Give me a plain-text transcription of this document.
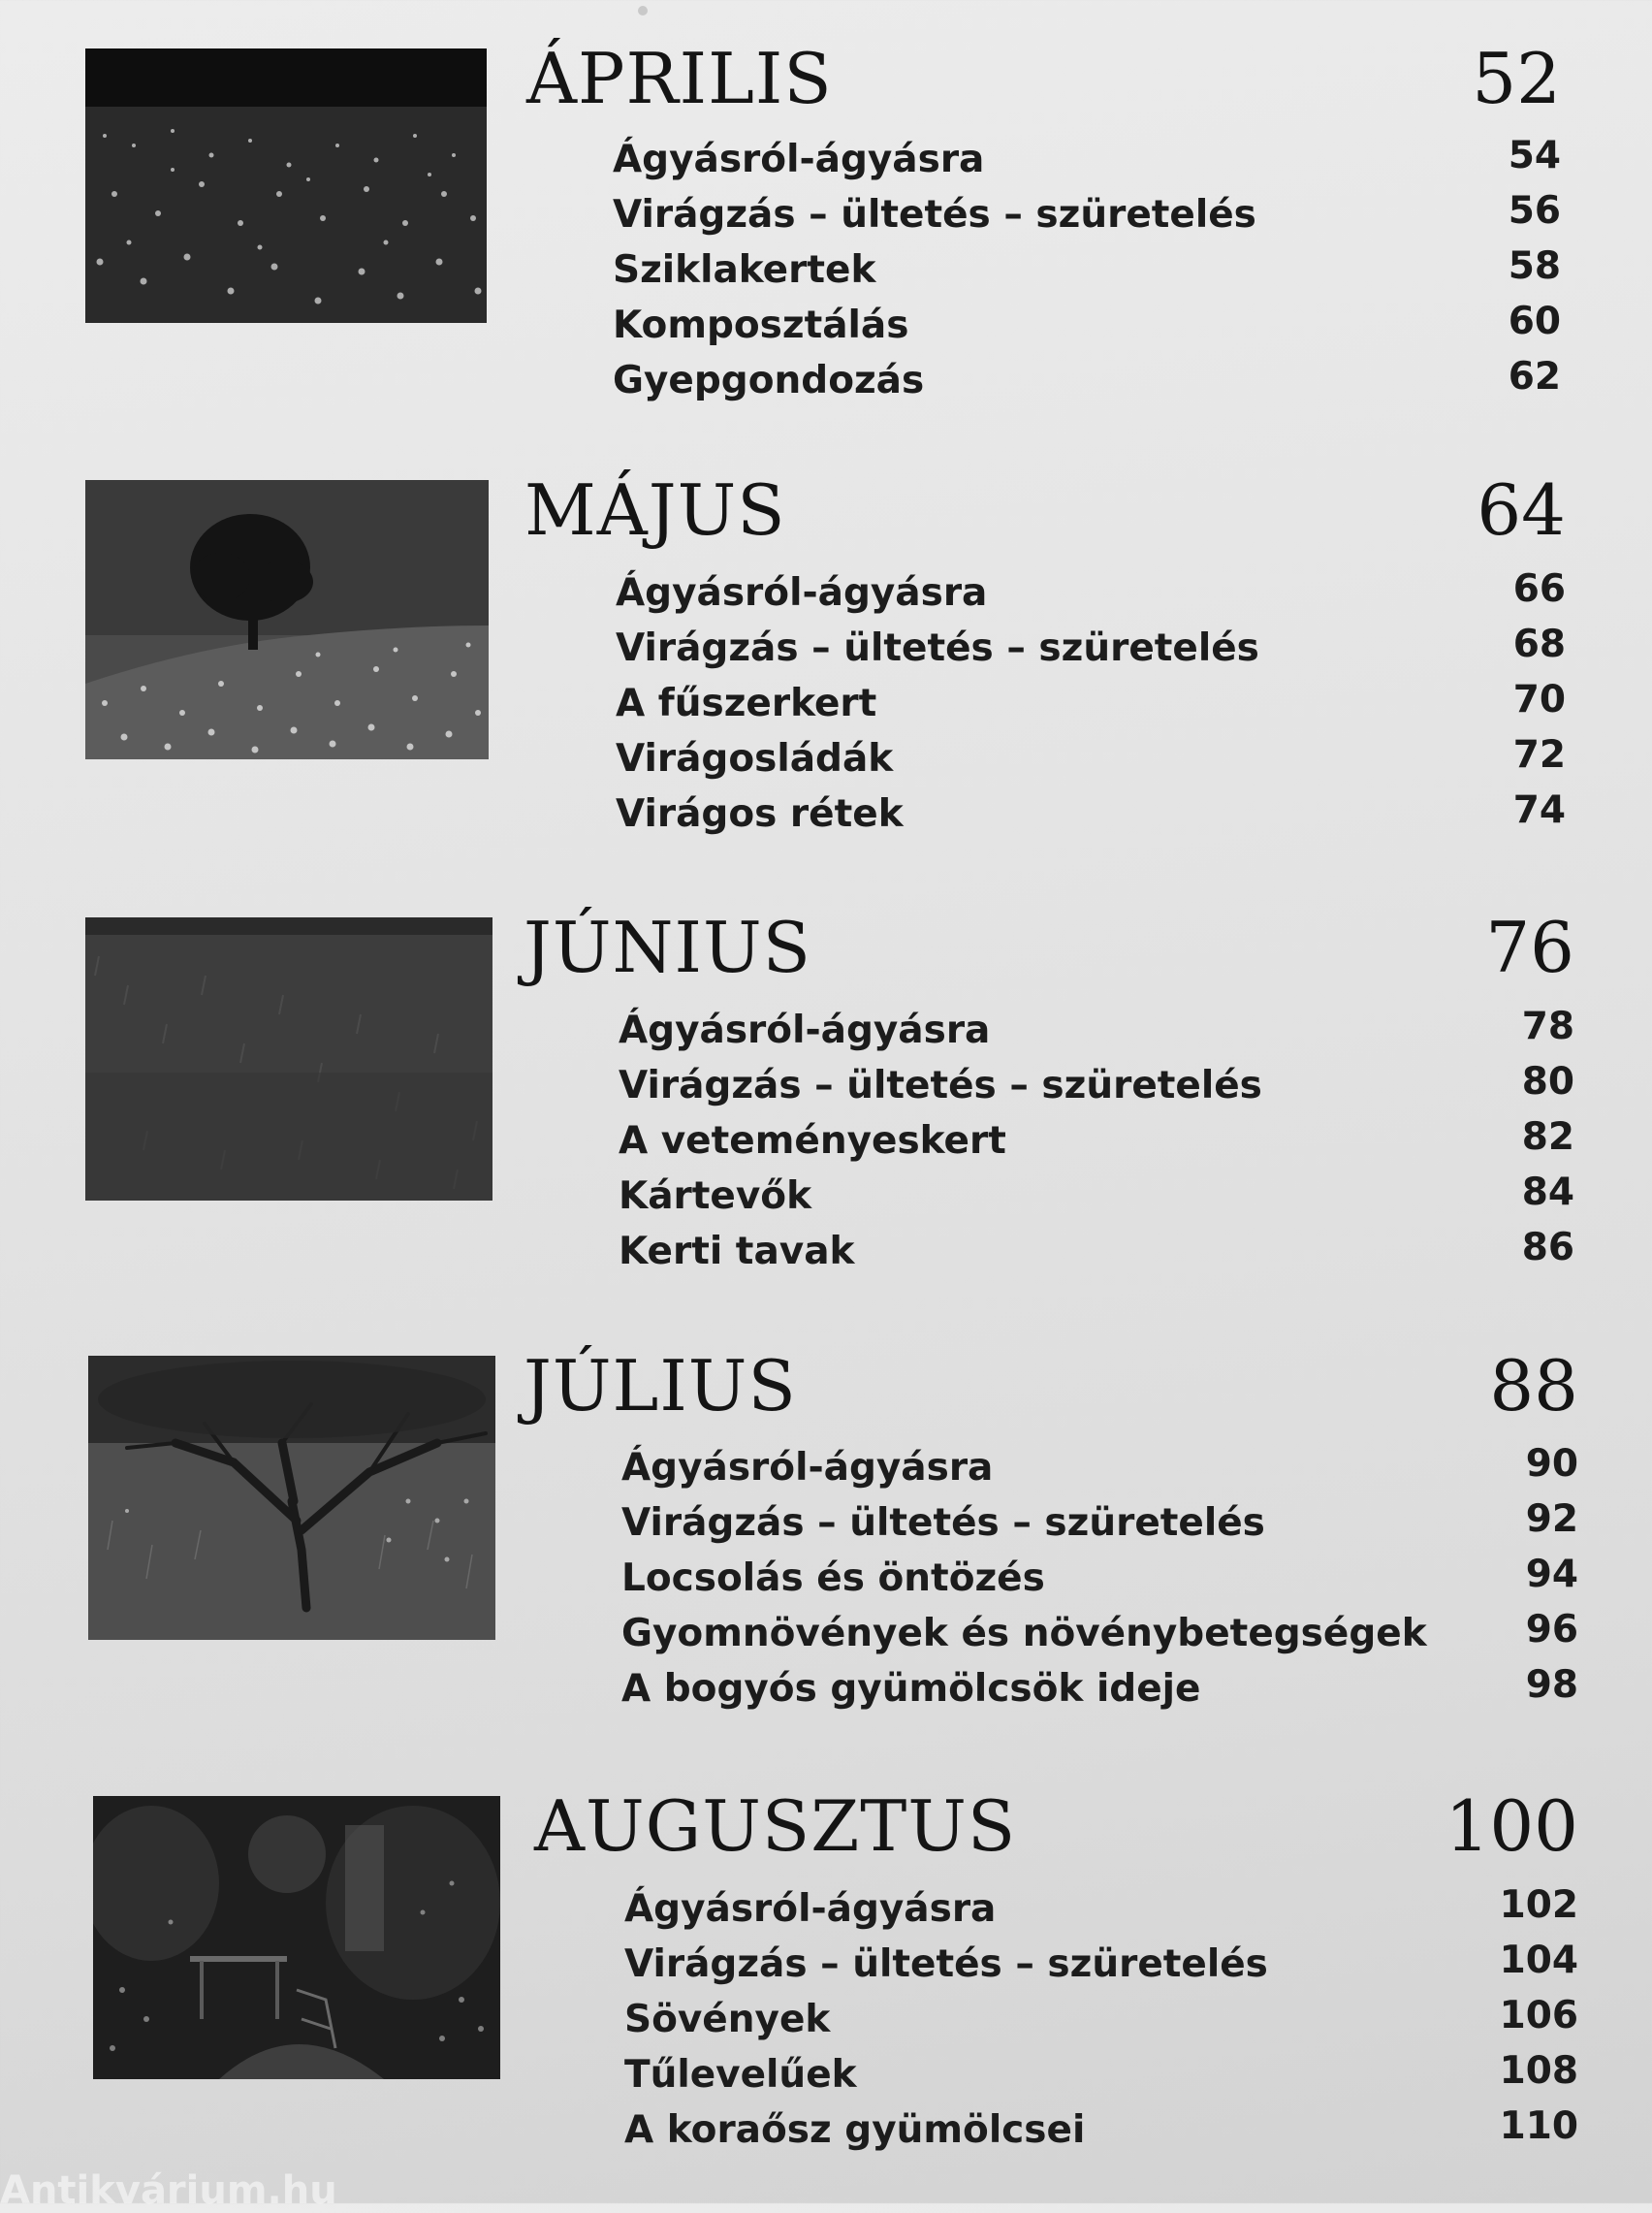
ÁPRILIS	52
Ágyásról-ágyásra	54
Virágzás – ültetés – szüretelés	56
Sziklakertek	58
Komposztálás	60
Gyepgondozás	62
MÁJUS	64
Ágyásról-ágyásra	66
Virágzás – ültetés – szüretelés	68
A fűszerkert	70
Virágosládák	72
Virágos rétek	74
JÚNIUS	76
Ágyásról-ágyásra	78
Virágzás – ültetés – szüretelés	80
A veteményeskert	82
Kártevők	84
Kerti tavak	86
JÚLIUS	88
Ágyásról-ágyásra	90
Virágzás – ültetés – szüretelés	92
Locsolás és öntözés	94
Gyomnövények és növénybetegségek	96
A bogyós gyümölcsök ideje	98
AUGUSZTUS	100
Ágyásról-ágyásra	102
Virágzás – ültetés – szüretelés	104
Sövények	106
Tűlevelűek	108
A koraősz gyümölcsei	110
Antikvárium.hu
